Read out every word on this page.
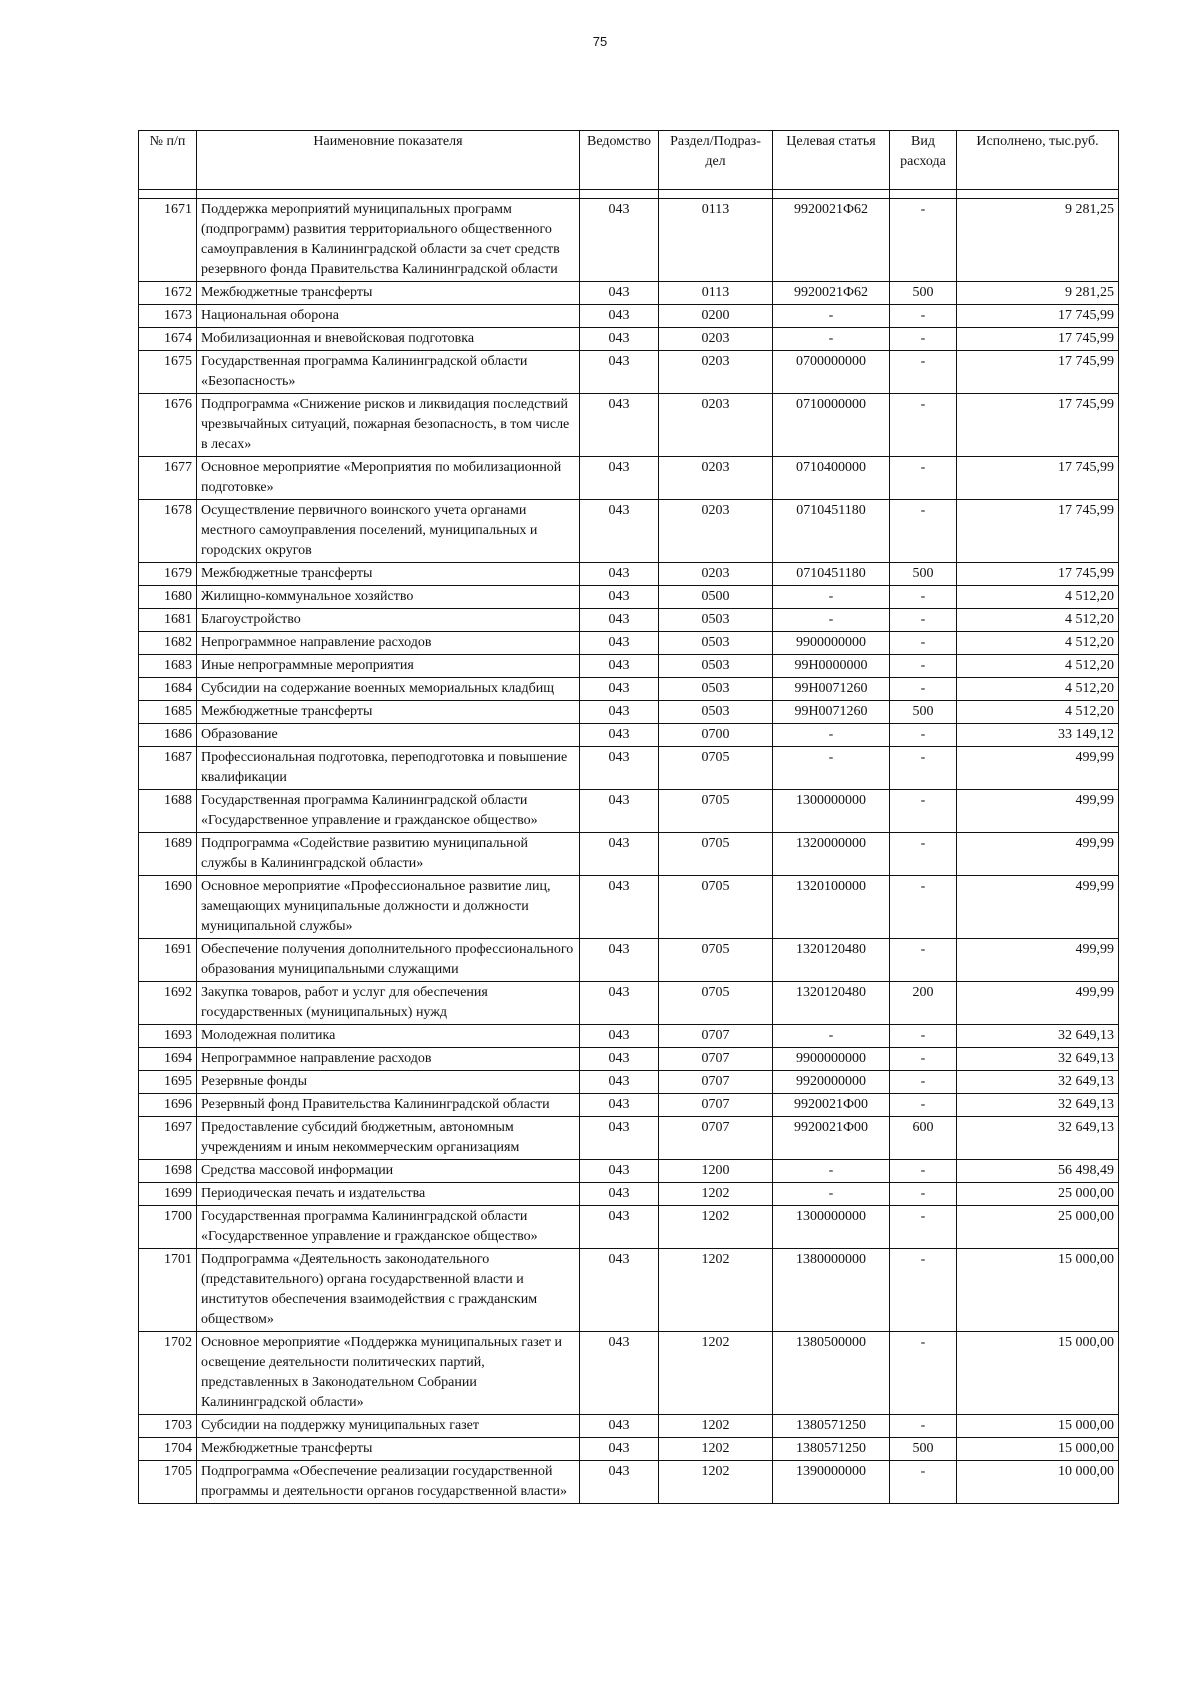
75
№ п/п	Наименовние показателя	Ведомство	Раздел/Подраз-дел	Целевая статья	Вид расхода	Исполнено, тыс.руб.

1671	Поддержка мероприятий муниципальных программ (подпрограмм) развития территориального общественного самоуправления в Калининградской области за счет средств резервного фонда Правительства Калининградской области	043	0113	9920021Ф62	-	9 281,25
1672	Межбюджетные трансферты	043	0113	9920021Ф62	500	9 281,25
1673	Национальная оборона	043	0200	-	-	17 745,99
1674	Мобилизационная и вневойсковая подготовка	043	0203	-	-	17 745,99
1675	Государственная программа Калининградской области «Безопасность»	043	0203	0700000000	-	17 745,99
1676	Подпрограмма «Снижение рисков и ликвидация последствий чрезвычайных ситуаций, пожарная безопасность, в том числе в лесах»	043	0203	0710000000	-	17 745,99
1677	Основное мероприятие «Мероприятия по мобилизационной подготовке»	043	0203	0710400000	-	17 745,99
1678	Осуществление первичного воинского учета органами местного самоуправления поселений, муниципальных и городских округов	043	0203	0710451180	-	17 745,99
1679	Межбюджетные трансферты	043	0203	0710451180	500	17 745,99
1680	Жилищно-коммунальное хозяйство	043	0500	-	-	4 512,20
1681	Благоустройство	043	0503	-	-	4 512,20
1682	Непрограммное направление расходов	043	0503	9900000000	-	4 512,20
1683	Иные непрограммные мероприятия	043	0503	99Н0000000	-	4 512,20
1684	Субсидии на содержание военных мемориальных кладбищ	043	0503	99Н0071260	-	4 512,20
1685	Межбюджетные трансферты	043	0503	99Н0071260	500	4 512,20
1686	Образование	043	0700	-	-	33 149,12
1687	Профессиональная подготовка, переподготовка и повышение квалификации	043	0705	-	-	499,99
1688	Государственная программа Калининградской области «Государственное управление и гражданское общество»	043	0705	1300000000	-	499,99
1689	Подпрограмма «Содействие развитию муниципальной службы в Калининградской области»	043	0705	1320000000	-	499,99
1690	Основное мероприятие «Профессиональное развитие лиц, замещающих муниципальные должности и должности муниципальной службы»	043	0705	1320100000	-	499,99
1691	Обеспечение получения дополнительного профессионального образования муниципальными служащими	043	0705	1320120480	-	499,99
1692	Закупка товаров, работ и услуг для обеспечения государственных (муниципальных) нужд	043	0705	1320120480	200	499,99
1693	Молодежная политика	043	0707	-	-	32 649,13
1694	Непрограммное направление расходов	043	0707	9900000000	-	32 649,13
1695	Резервные фонды	043	0707	9920000000	-	32 649,13
1696	Резервный фонд Правительства Калининградской области	043	0707	9920021Ф00	-	32 649,13
1697	Предоставление субсидий бюджетным, автономным учреждениям и иным некоммерческим организациям	043	0707	9920021Ф00	600	32 649,13
1698	Средства массовой информации	043	1200	-	-	56 498,49
1699	Периодическая печать и издательства	043	1202	-	-	25 000,00
1700	Государственная программа Калининградской области «Государственное управление и гражданское общество»	043	1202	1300000000	-	25 000,00
1701	Подпрограмма «Деятельность законодательного (представительного) органа государственной власти и институтов обеспечения взаимодействия с гражданским обществом»	043	1202	1380000000	-	15 000,00
1702	Основное мероприятие «Поддержка муниципальных газет и освещение деятельности политических партий, представленных в Законодательном Собрании Калининградской области»	043	1202	1380500000	-	15 000,00
1703	Субсидии на поддержку муниципальных газет	043	1202	1380571250	-	15 000,00
1704	Межбюджетные трансферты	043	1202	1380571250	500	15 000,00
1705	Подпрограмма «Обеспечение реализации государственной программы и деятельности органов государственной власти»	043	1202	1390000000	-	10 000,00
